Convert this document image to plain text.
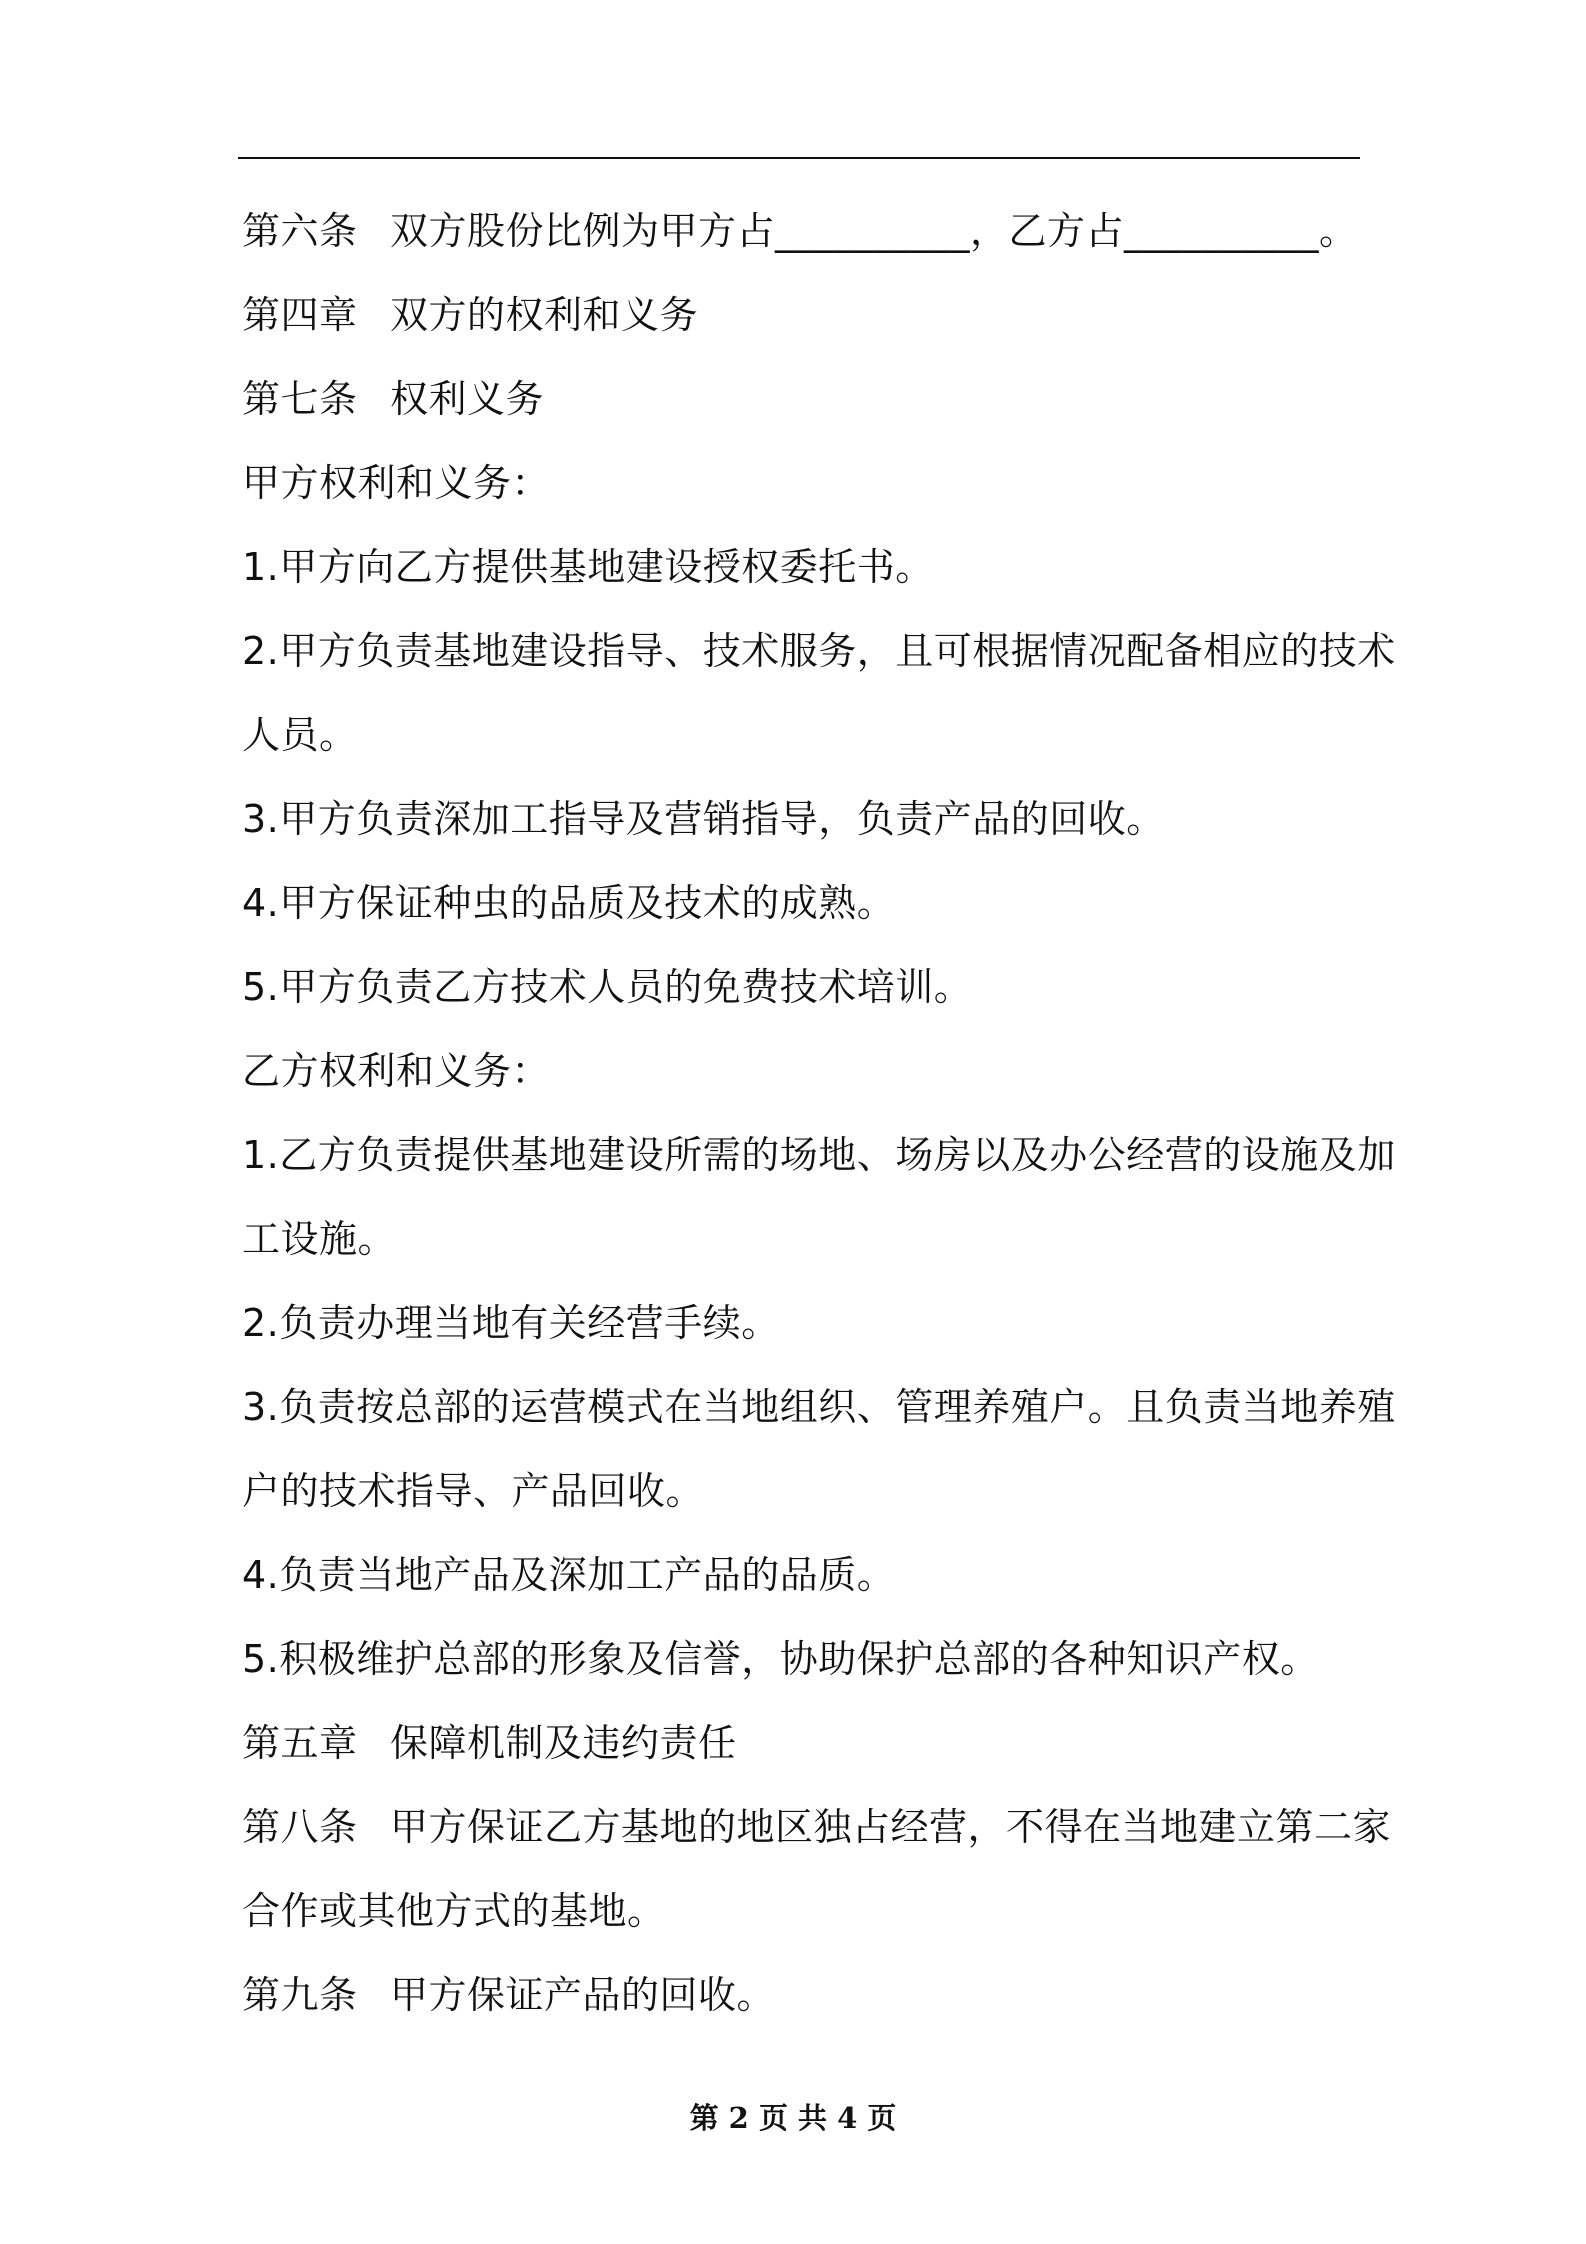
第六条 双方股份比例为甲方占__________，乙方占__________。
第四章 双方的权利和义务
第七条 权利义务
甲方权利和义务：
1.甲方向乙方提供基地建设授权委托书。
2.甲方负责基地建设指导、技术服务，且可根据情况配备相应的技术
人员。
3.甲方负责深加工指导及营销指导，负责产品的回收。
4.甲方保证种虫的品质及技术的成熟。
5.甲方负责乙方技术人员的免费技术培训。
乙方权利和义务：
1.乙方负责提供基地建设所需的场地、场房以及办公经营的设施及加
工设施。
2.负责办理当地有关经营手续。
3.负责按总部的运营模式在当地组织、管理养殖户。且负责当地养殖
户的技术指导、产品回收。
4.负责当地产品及深加工产品的品质。
5.积极维护总部的形象及信誉，协助保护总部的各种知识产权。
第五章 保障机制及违约责任
第八条 甲方保证乙方基地的地区独占经营，不得在当地建立第二家
合作或其他方式的基地。
第九条 甲方保证产品的回收。
第 2 页 共 4 页
